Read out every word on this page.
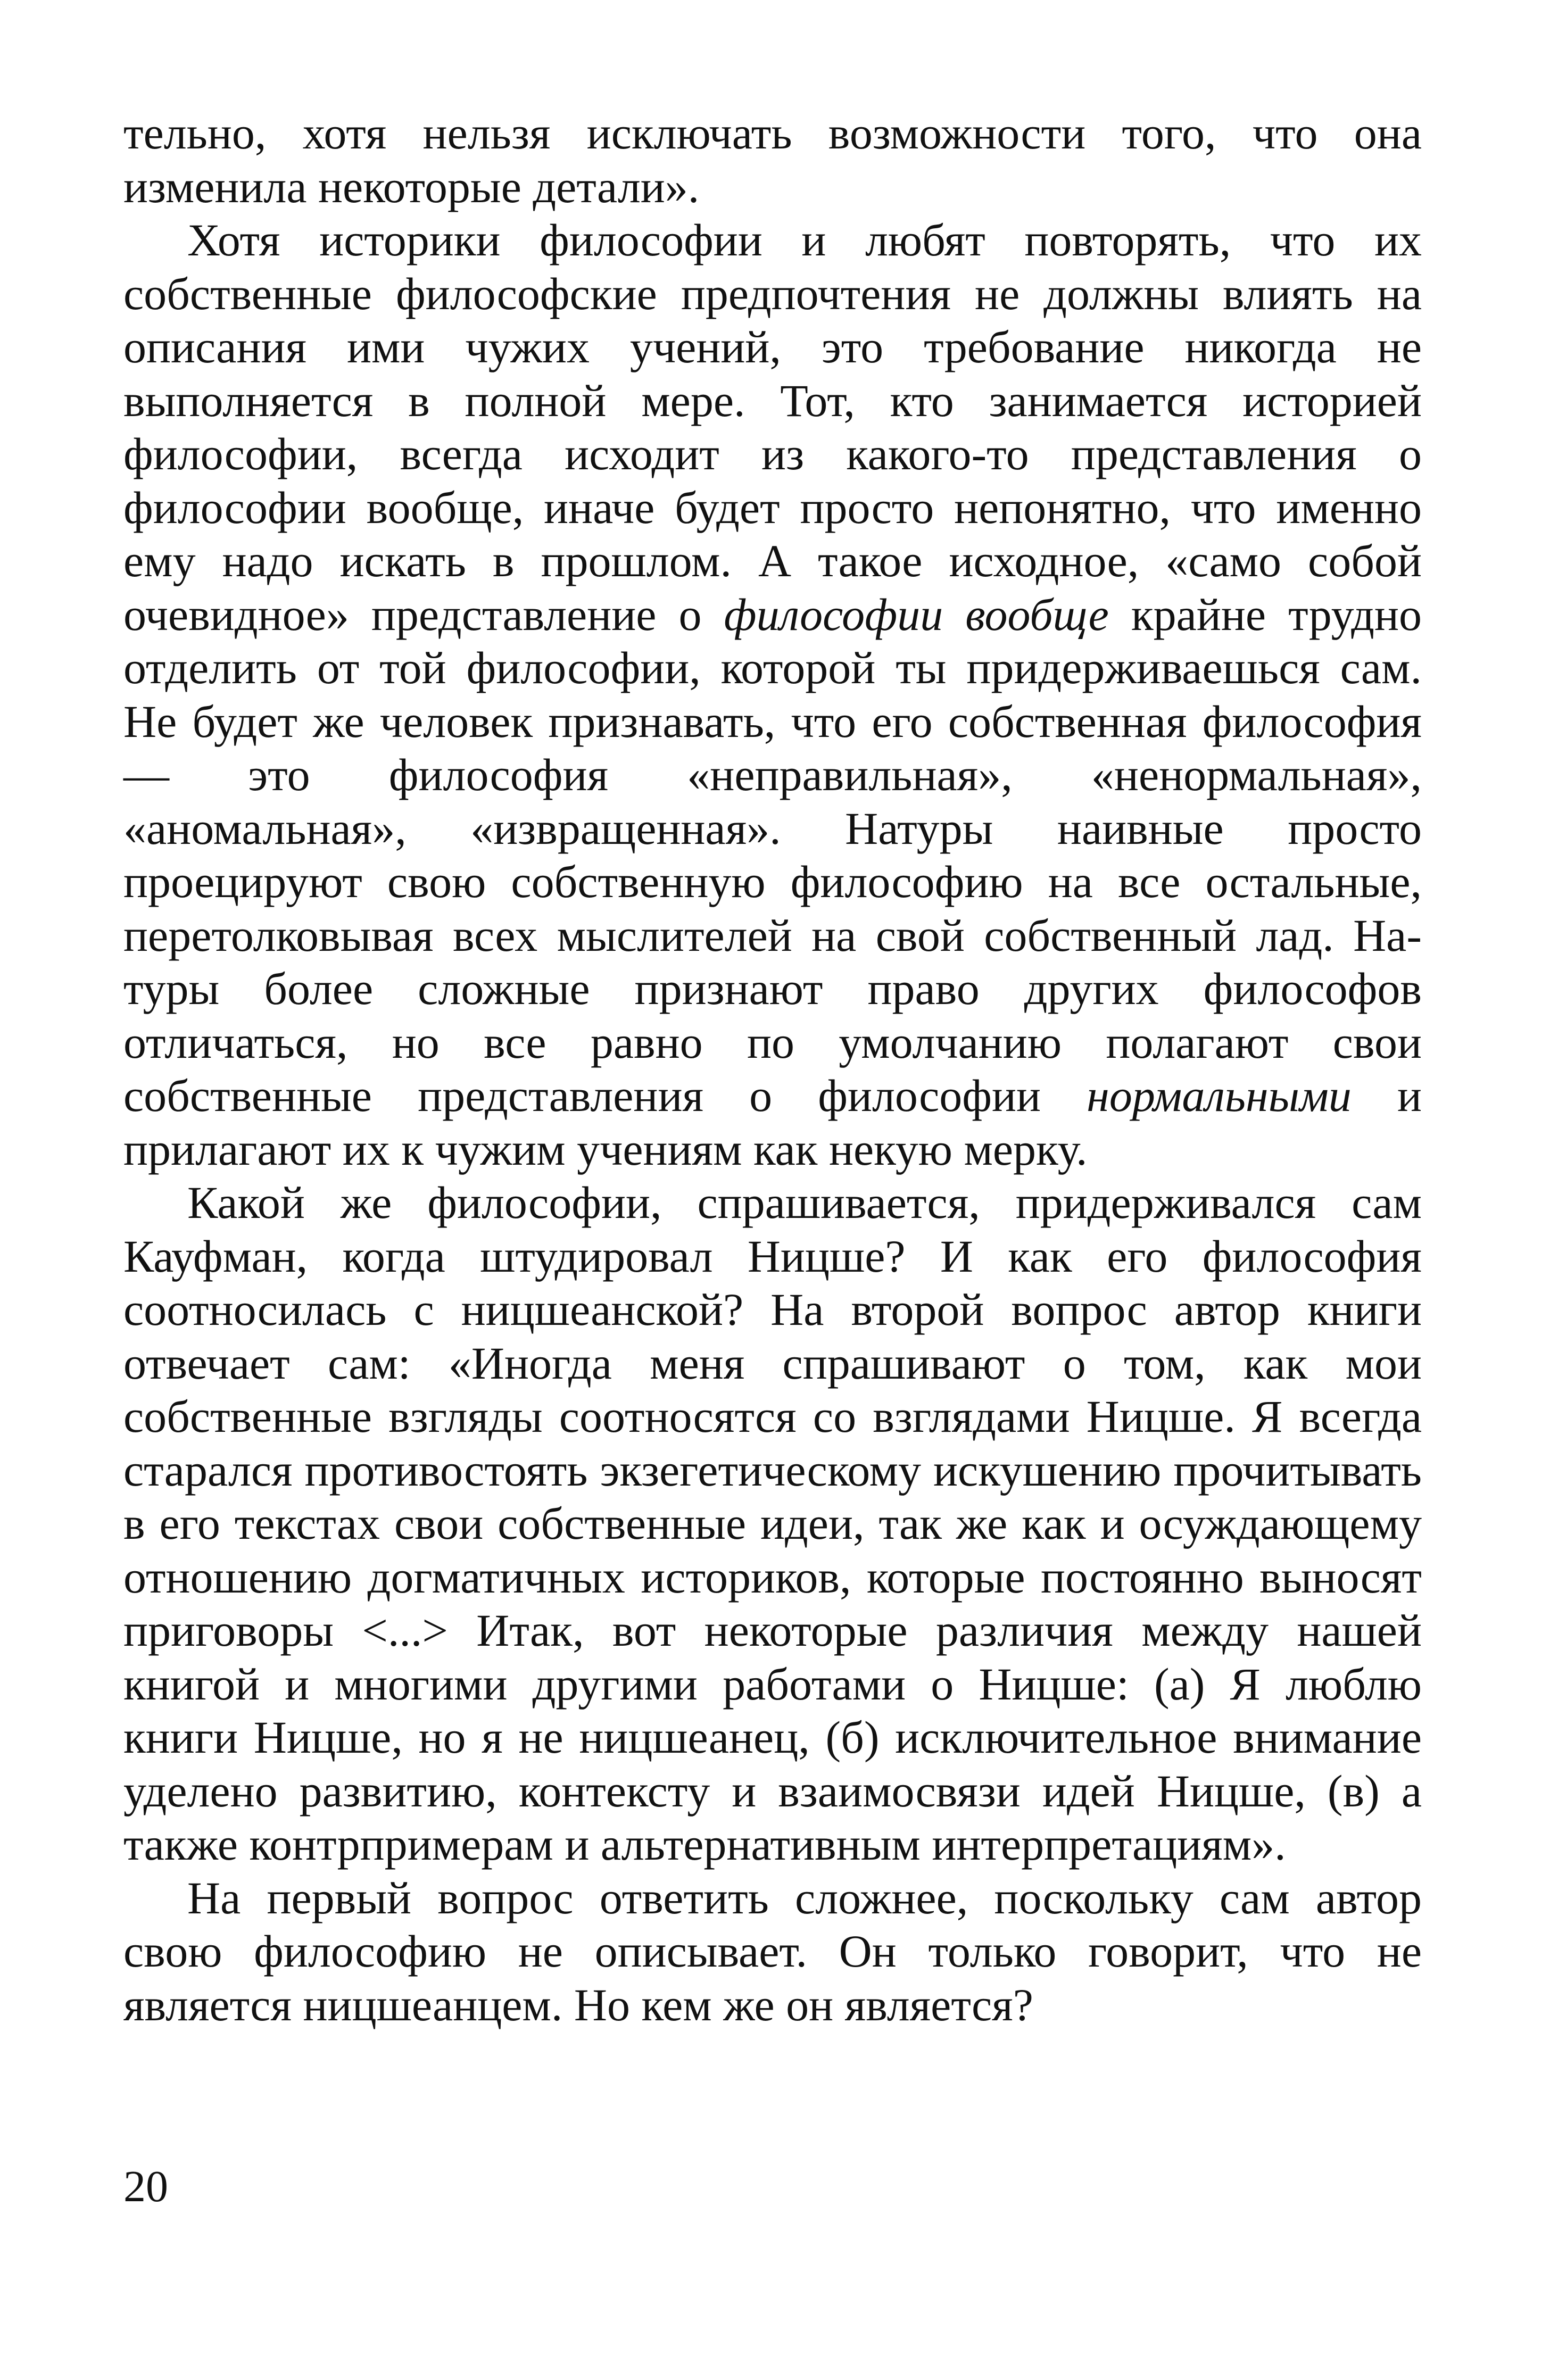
тельно, хотя нельзя исключать возможности того, что она изменила некоторые детали».

Хотя историки философии и любят повторять, что их собственные философские предпочтения не должны влиять на описания ими чужих учений, это требование никогда не выполняется в полной мере. Тот, кто занимается историей философии, всегда исходит из какого-то представления о философии вообще, иначе будет просто непонятно, что именно ему надо искать в прошлом. А такое исходное, «само собой очевидное» представление о философии вообще крайне трудно отделить от той философии, которой ты придерживаешься сам. Не будет же человек признавать, что его собственная философия — это философия «неправильная», «ненормальная», «аномальная», «извращенная». Натуры наивные просто проецируют свою собственную философию на все остальные, перетолковывая всех мыслителей на свой собственный лад. Натуры более сложные признают право других философов отличаться, но все равно по умолчанию полагают свои собственные представления о философии нормальными и прилагают их к чужим учениям как некую мерку.

Какой же философии, спрашивается, придерживался сам Кауфман, когда штудировал Ницше? И как его философия соотносилась с ницшеанской? На второй вопрос автор книги отвечает сам: «Иногда меня спрашивают о том, как мои собственные взгляды соотносятся со взглядами Ницше. Я всегда старался противостоять экзегетическому искушению прочитывать в его текстах свои собственные идеи, так же как и осуждающему отношению догматичных историков, которые постоянно выносят приговоры <...> Итак, вот некоторые различия между нашей книгой и многими другими работами о Ницше: (а) Я люблю книги Ницше, но я не ницшеанец, (б) исключительное внимание уделено развитию, контексту и взаимосвязи идей Ницше, (в) а также контрпримерам и альтернативным интерпретациям».

На первый вопрос ответить сложнее, поскольку сам автор свою философию не описывает. Он только говорит, что не является ницшеанцем. Но кем же он является?

20
